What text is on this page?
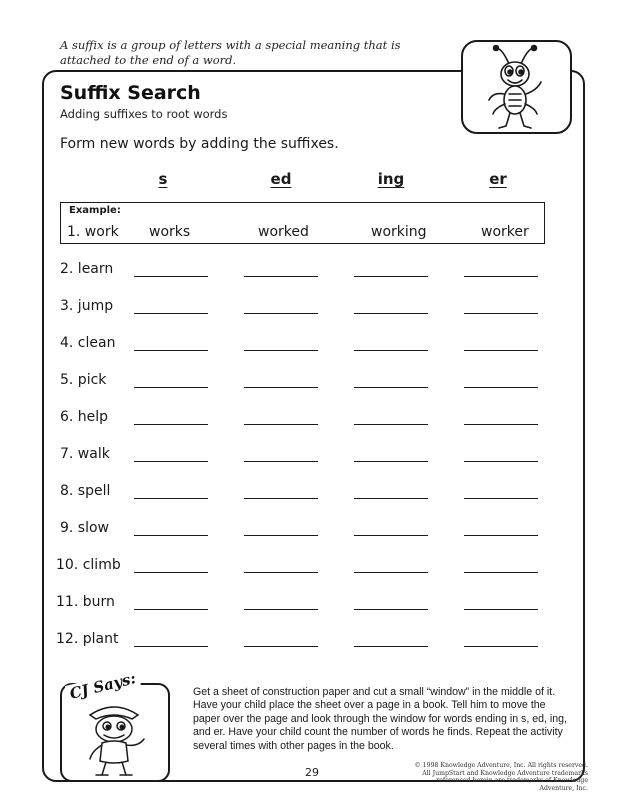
A suffix is a group of letters with a special meaning that is attached to the end of a word.
Suffix Search
Adding suffixes to root words
Form new words by adding the suffixes.
s	ed	ing	er
Example:
1. work works	worked	working	worker
2. learn
3. jump
4. clean
5. pick
6. help
7. walk
8. spell
9. slow
10. climb
11. burn
12. plant
CJ Says:	Get a sheet of construction paper and cut a small “window” in the middle of it. Have your child place the sheet over a page in a book. Tell him to move the paper over the page and look through the window for words ending in s, ed, ing, and er. Have your child count the number of words he finds. Repeat the activity several times with other pages in the book.
29
© 1998 Knowledge Adventure, Inc. All rights reserved. All JumpStart and Knowledge Adventure trademarks referenced herein are trademarks of Knowledge Adventure, Inc.
